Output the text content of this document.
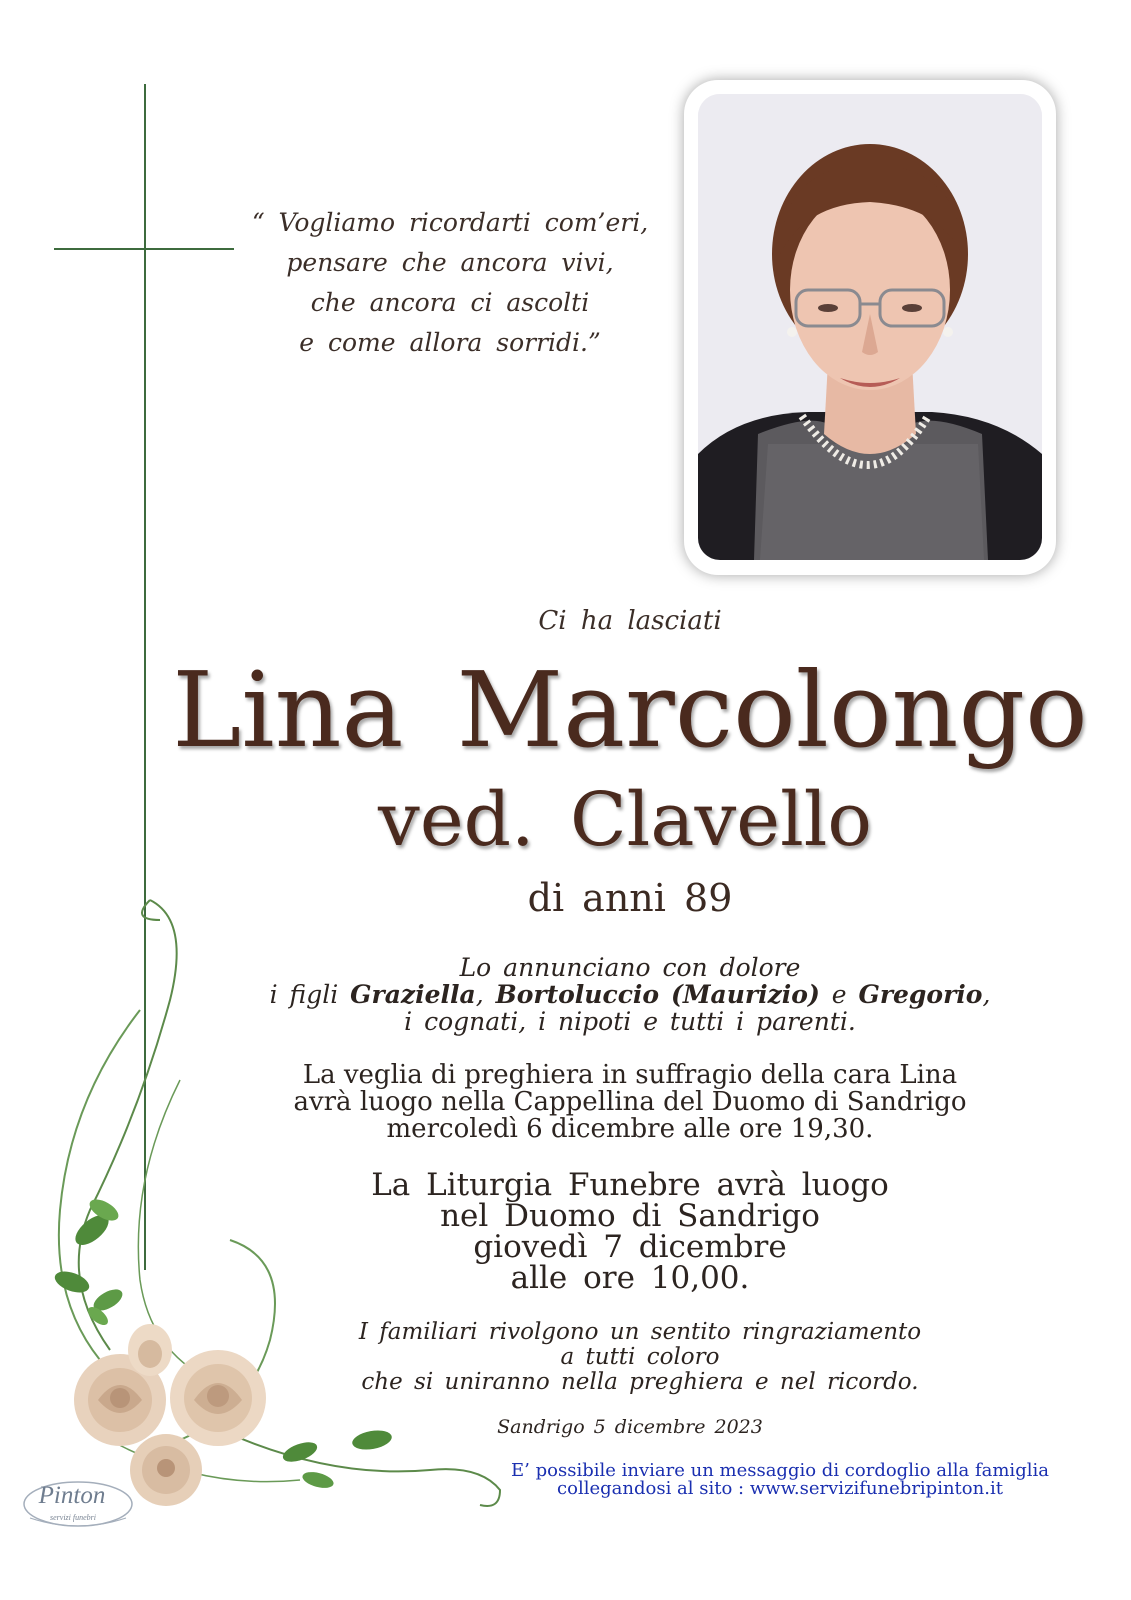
“ Vogliamo ricordarti com’eri,
pensare che ancora vivi,
che ancora ci ascolti
e come allora sorridi.”
Ci ha lasciati
Lina Marcolongo
ved. Clavello
di anni 89
Lo annunciano con dolore
i figli Graziella, Bortoluccio (Maurizio) e Gregorio,
i cognati, i nipoti e tutti i parenti.
La veglia di preghiera in suffragio della cara Lina
avrà luogo nella Cappellina del Duomo di Sandrigo
mercoledì 6 dicembre alle ore 19,30.
La Liturgia Funebre avrà luogo
nel Duomo di Sandrigo
giovedì 7 dicembre
alle ore 10,00.
I familiari rivolgono un sentito ringraziamento
a tutti coloro
che si uniranno nella preghiera e nel ricordo.
Sandrigo 5 dicembre 2023
E’ possibile inviare un messaggio di cordoglio alla famiglia
collegandosi al sito : www.servizifunebripinton.it
Pinton
servizi funebri
